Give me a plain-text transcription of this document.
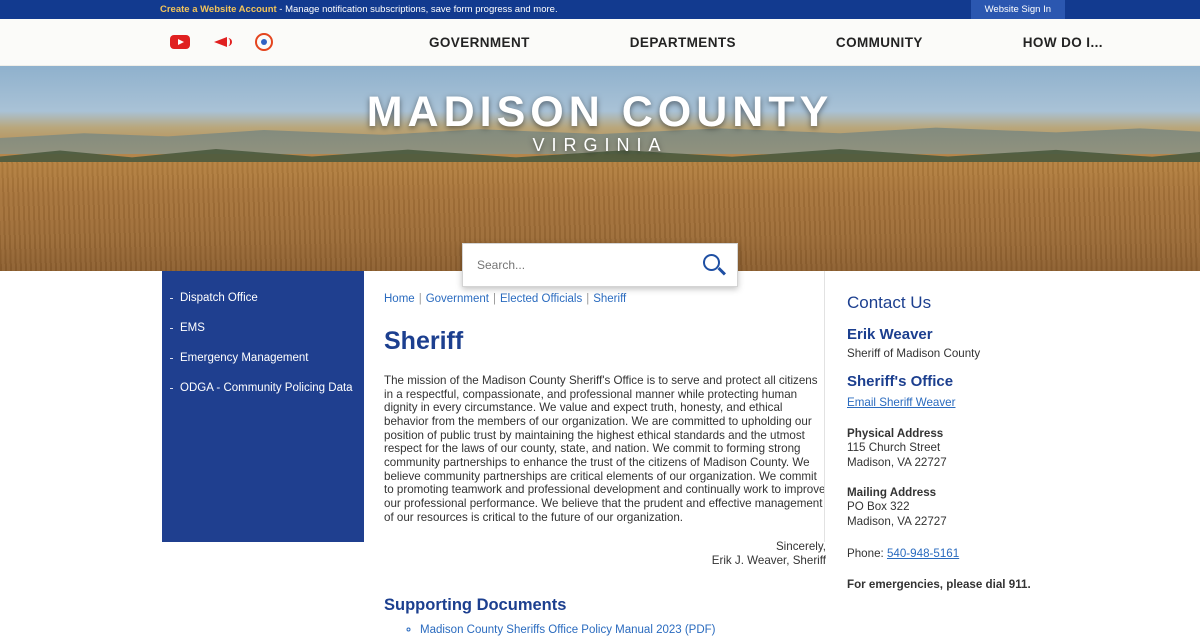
Create a Website Account - Manage notification subscriptions, save form progress and more.	Website Sign In
GOVERNMENT	DEPARTMENTS	COMMUNITY	HOW DO I...
MADISON COUNTY
VIRGINIA
Search...
Dispatch Office
EMS
Emergency Management
ODGA - Community Policing Data
Home | Government | Elected Officials | Sheriff
Sheriff
The mission of the Madison County Sheriff's Office is to serve and protect all citizens in a respectful, compassionate, and professional manner while protecting human dignity in every circumstance. We value and expect truth, honesty, and ethical behavior from the members of our organization. We are committed to upholding our position of public trust by maintaining the highest ethical standards and the utmost respect for the laws of our county, state, and nation. We commit to forming strong community partnerships to enhance the trust of the citizens of Madison County. We believe community partnerships are critical elements of our organization. We commit to promoting teamwork and professional development and continually work to improve our professional performance. We believe that the prudent and effective management of our resources is critical to the future of our organization.
Sincerely,
Erik J. Weaver, Sheriff
Supporting Documents
◦ Madison County Sheriffs Office Policy Manual 2023 (PDF)
Contact Us
Erik Weaver
Sheriff of Madison County
Sheriff's Office
Email Sheriff Weaver
Physical Address
115 Church Street
Madison, VA 22727
Mailing Address
PO Box 322
Madison, VA 22727
Phone: 540-948-5161
For emergencies, please dial 911.
